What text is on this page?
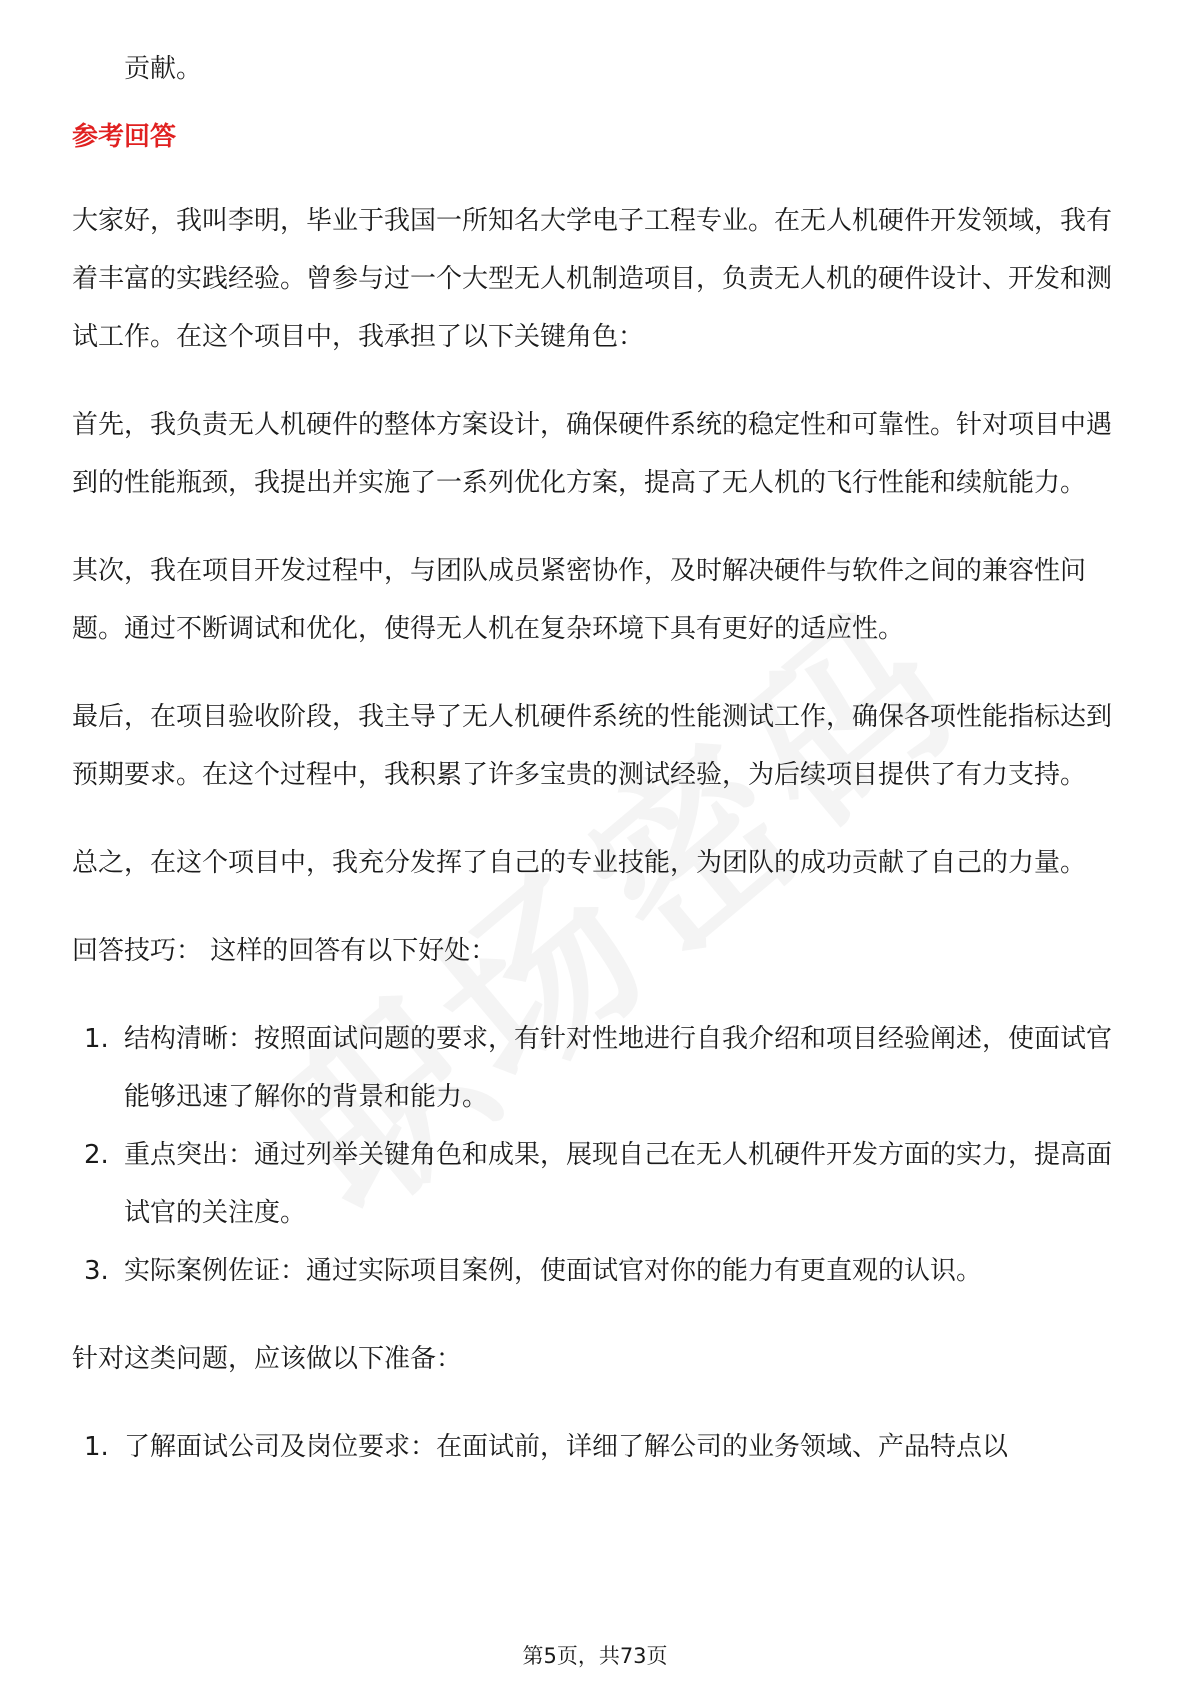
贡献。

参考回答

大家好，我叫李明，毕业于我国一所知名大学电子工程专业。在无人机硬件开发领域，我有着丰富的实践经验。曾参与过一个大型无人机制造项目，负责无人机的硬件设计、开发和测试工作。在这个项目中，我承担了以下关键角色：

首先，我负责无人机硬件的整体方案设计，确保硬件系统的稳定性和可靠性。针对项目中遇到的性能瓶颈，我提出并实施了一系列优化方案，提高了无人机的飞行性能和续航能力。

其次，我在项目开发过程中，与团队成员紧密协作，及时解决硬件与软件之间的兼容性问题。通过不断调试和优化，使得无人机在复杂环境下具有更好的适应性。

最后，在项目验收阶段，我主导了无人机硬件系统的性能测试工作，确保各项性能指标达到预期要求。在这个过程中，我积累了许多宝贵的测试经验，为后续项目提供了有力支持。

总之，在这个项目中，我充分发挥了自己的专业技能，为团队的成功贡献了自己的力量。

回答技巧： 这样的回答有以下好处：

1. 结构清晰：按照面试问题的要求，有针对性地进行自我介绍和项目经验阐述，使面试官能够迅速了解你的背景和能力。
2. 重点突出：通过列举关键角色和成果，展现自己在无人机硬件开发方面的实力，提高面试官的关注度。
3. 实际案例佐证：通过实际项目案例，使面试官对你的能力有更直观的认识。

针对这类问题，应该做以下准备：

1. 了解面试公司及岗位要求：在面试前，详细了解公司的业务领域、产品特点以
第5页，共73页
